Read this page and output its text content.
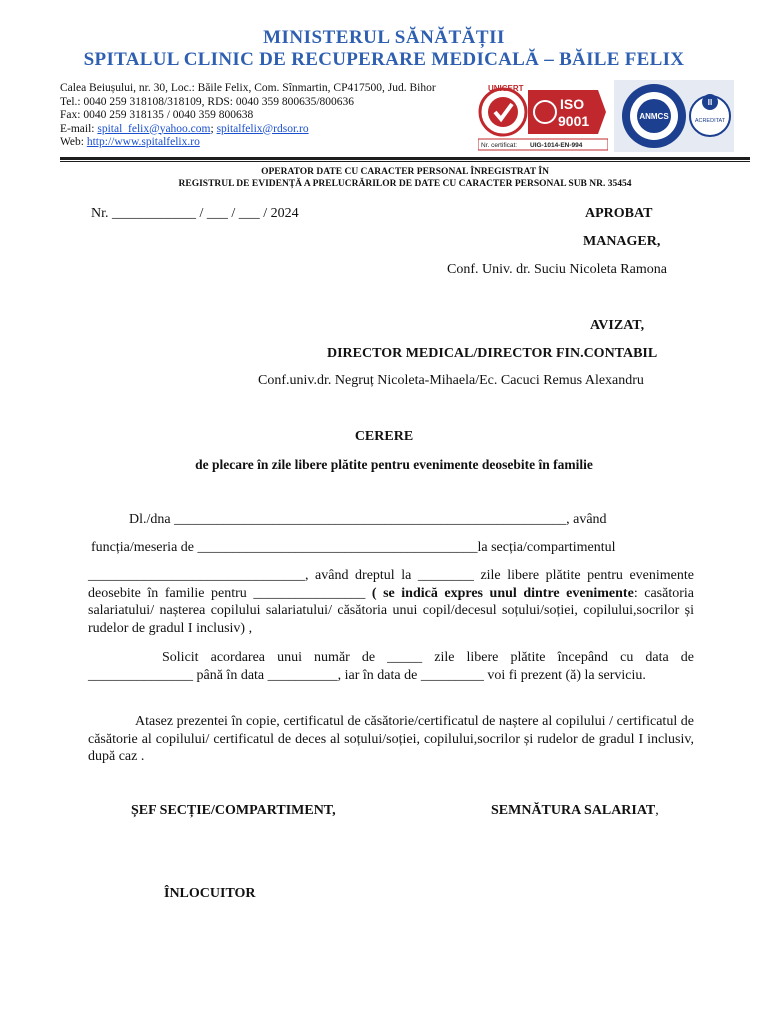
MINISTERUL SĂNĂTĂȚII
SPITALUL CLINIC DE RECUPERARE MEDICALĂ – BĂILE FELIX
Calea Beiușului, nr. 30, Loc.: Băile Felix, Com. Sînmartin, CP417500, Jud. Bihor
Tel.: 0040 259 318108/318109, RDS: 0040 359 800635/800636
Fax: 0040 259 318135 / 0040 359 800638
E-mail: spital_felix@yahoo.com; spitalfelix@rdsor.ro
Web: http://www.spitalfelix.ro
UNICERT
ISO
9001
Nr. certificat: UIG-1014-EN-994
ANMCS
II
ACREDITAT
OPERATOR DATE CU CARACTER PERSONAL ÎNREGISTRAT ÎN
REGISTRUL DE EVIDENȚĂ A PRELUCRĂRILOR DE DATE CU CARACTER PERSONAL SUB NR. 35454
Nr. ____________ / ___ / ___ / 2024	APROBAT
MANAGER,
Conf. Univ. dr. Suciu Nicoleta Ramona
AVIZAT,
DIRECTOR MEDICAL/DIRECTOR FIN.CONTABIL
Conf.univ.dr. Negruț Nicoleta-Mihaela/Ec. Cacuci Remus Alexandru
CERERE
de plecare în zile libere plătite pentru evenimente deosebite în familie
Dl./dna ________________________________________________________, având
funcția/meseria de ________________________________________la secția/compartimentul
_______________________________, având dreptul la ________ zile libere plătite pentru evenimente deosebite în familie pentru ________________ ( se indică expres unul dintre evenimente: casătoria salariatului/ nașterea copilului salariatului/ căsătoria unui copil/decesul soțului/soției, copilului,socrilor și rudelor de gradul I inclusiv) ,
Solicit acordarea unui număr de _____ zile libere plătite începând cu data de _______________ până în data __________, iar în data de _________ voi fi prezent (ă) la serviciu.
Atasez prezentei în copie, certificatul de căsătorie/certificatul de naștere al copilului / certificatul de căsătorie al copilului/ certificatul de deces al soțului/soției, copilului,socrilor și rudelor de gradul I inclusiv, după caz .
ȘEF SECȚIE/COMPARTIMENT,	SEMNĂTURA SALARIAT,
ÎNLOCUITOR
